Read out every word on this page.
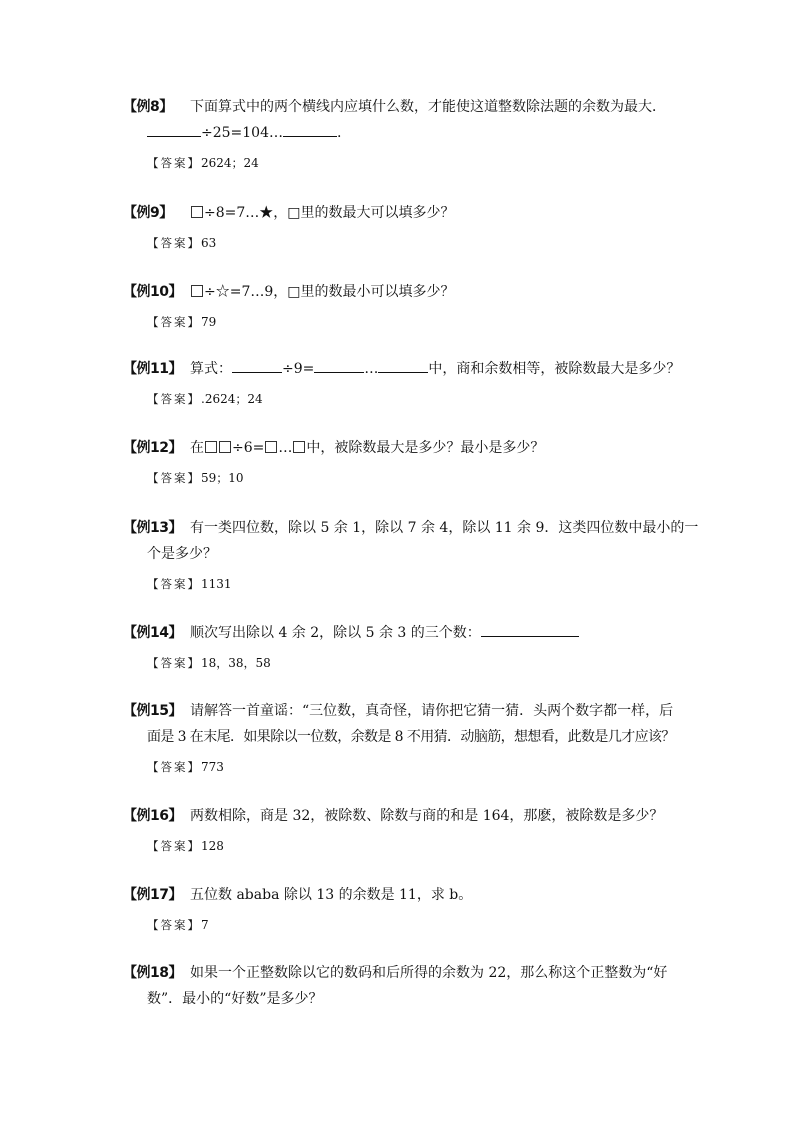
【例8】	下面算式中的两个横线内应填什么数，才能使这道整数除法题的余数为最大．
÷25=104…	.
【答案】2624；24
【例9】	÷8=7…★，□里的数最大可以填多少？
【答案】63
【例10】	÷☆=7…9，□里的数最小可以填多少？
【答案】79
【例11】 算式：	÷9=	…	中，商和余数相等，被除数最大是多少？
【答案】.2624；24
【例12】 在 ÷6= … 中，被除数最大是多少？最小是多少？
【答案】59；10
【例13】 有一类四位数，除以 5 余 1，除以 7 余 4，除以 11 余 9．这类四位数中最小的一
个是多少？
【答案】1131
【例14】 顺次写出除以 4 余 2，除以 5 余 3 的三个数：
【答案】18，38，58
【例15】 请解答一首童谣：“三位数，真奇怪，请你把它猜一猜．头两个数字都一样，后
面是 3 在末尾．如果除以一位数，余数是 8 不用猜．动脑筋，想想看，此数是几才应该？
【答案】773
【例16】 两数相除，商是 32，被除数、除数与商的和是 164，那麽，被除数是多少？
【答案】128
【例17】 五位数 ababa 除以 13 的余数是 11，求 b。
【答案】7
【例18】 如果一个正整数除以它的数码和后所得的余数为 22，那么称这个正整数为“好
数”．最小的“好数”是多少？
